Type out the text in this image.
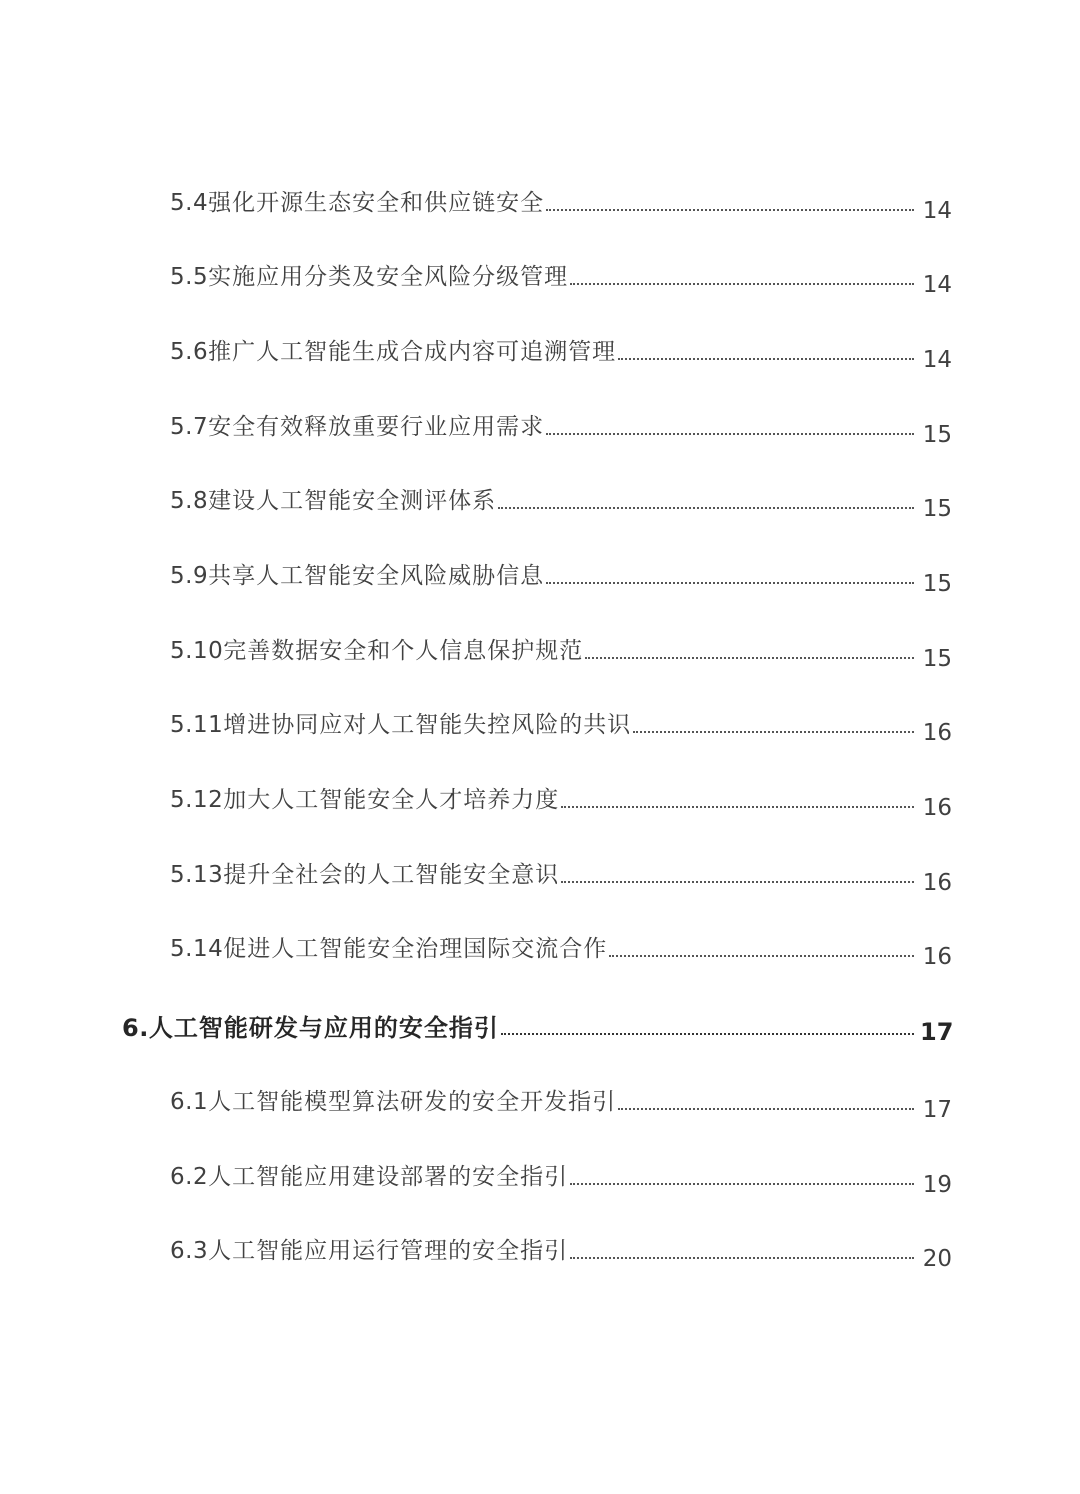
5.4 强化开源生态安全和供应链安全	14
5.5 实施应用分类及安全风险分级管理	14
5.6 推广人工智能生成合成内容可追溯管理	14
5.7 安全有效释放重要行业应用需求	15
5.8 建设人工智能安全测评体系	15
5.9 共享人工智能安全风险威胁信息	15
5.10 完善数据安全和个人信息保护规范	15
5.11 增进协同应对人工智能失控风险的共识	16
5.12 加大人工智能安全人才培养力度	16
5.13 提升全社会的人工智能安全意识	16
5.14 促进人工智能安全治理国际交流合作	16
6. 人工智能研发与应用的安全指引	17
6.1 人工智能模型算法研发的安全开发指引	17
6.2 人工智能应用建设部署的安全指引	19
6.3 人工智能应用运行管理的安全指引	20
